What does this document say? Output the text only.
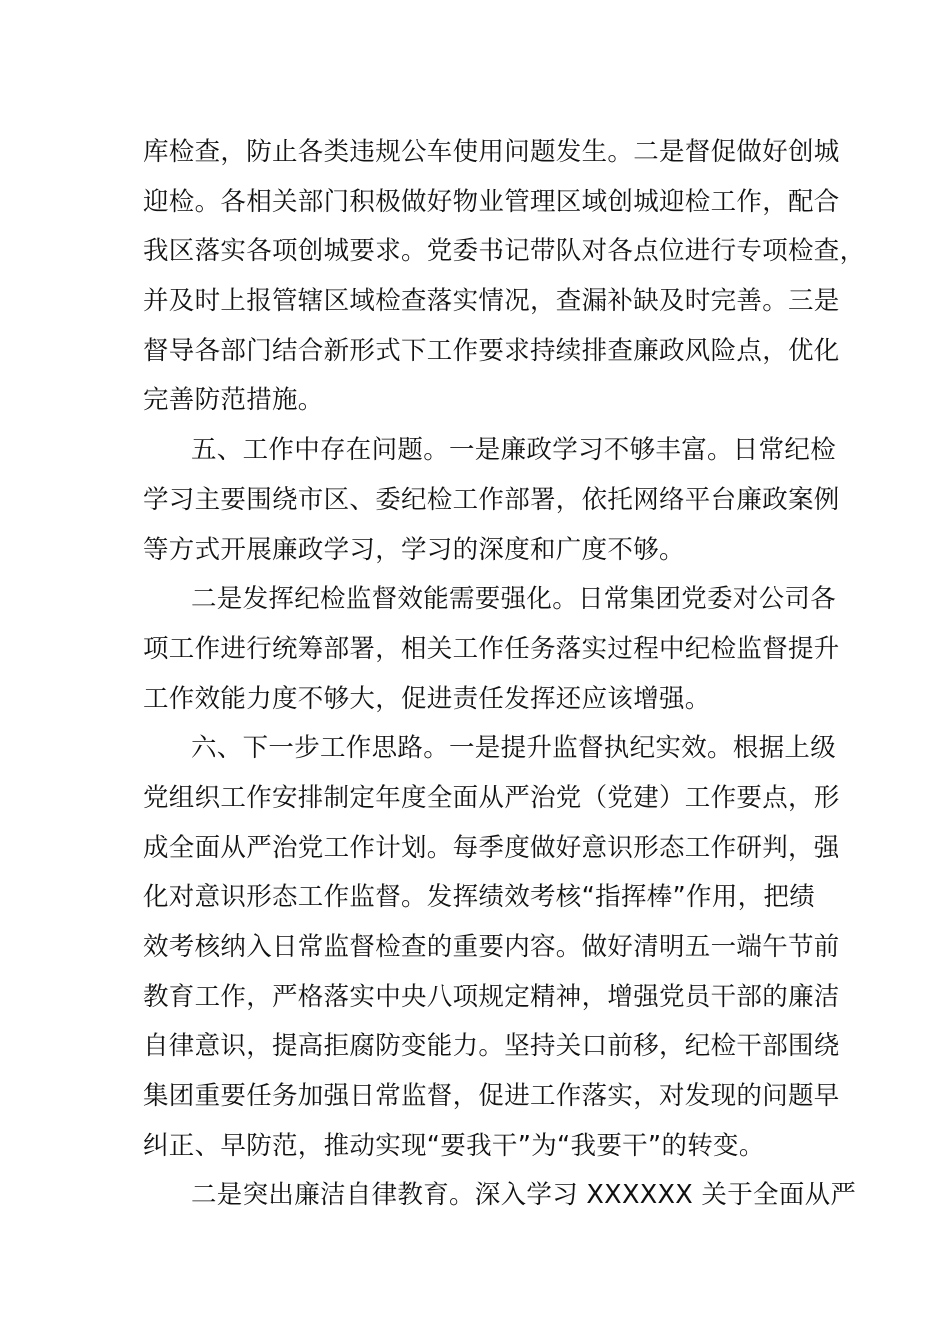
库检查，防止各类违规公车使用问题发生。二是督促做好创城
迎检。各相关部门积极做好物业管理区域创城迎检工作，配合
我区落实各项创城要求。党委书记带队对各点位进行专项检查，
并及时上报管辖区域检查落实情况，查漏补缺及时完善。三是
督导各部门结合新形式下工作要求持续排查廉政风险点，优化
完善防范措施。
五、工作中存在问题。一是廉政学习不够丰富。日常纪检
学习主要围绕市区、委纪检工作部署，依托网络平台廉政案例
等方式开展廉政学习，学习的深度和广度不够。
二是发挥纪检监督效能需要强化。日常集团党委对公司各
项工作进行统筹部署，相关工作任务落实过程中纪检监督提升
工作效能力度不够大，促进责任发挥还应该增强。
六、下一步工作思路。一是提升监督执纪实效。根据上级
党组织工作安排制定年度全面从严治党（党建）工作要点，形
成全面从严治党工作计划。每季度做好意识形态工作研判，强
化对意识形态工作监督。发挥绩效考核“指挥棒”作用，把绩
效考核纳入日常监督检查的重要内容。做好清明五一端午节前
教育工作，严格落实中央八项规定精神，增强党员干部的廉洁
自律意识，提高拒腐防变能力。坚持关口前移，纪检干部围绕
集团重要任务加强日常监督，促进工作落实，对发现的问题早
纠正、早防范，推动实现“要我干”为“我要干”的转变。
二是突出廉洁自律教育。深入学习 XXXXXX 关于全面从严
